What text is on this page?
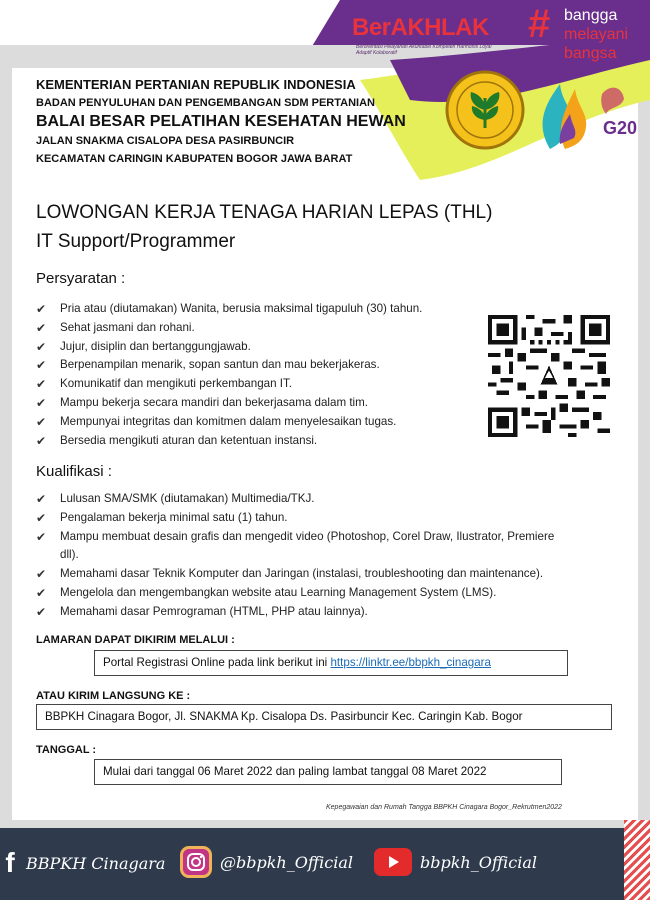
BerAKHLAK
Berorientasi Pelayanan Akuntabel Kompeten Harmonis Loyal Adaptif Kolaboratif
# bangga
melayani
bangsa
G20
KEMENTERIAN PERTANIAN REPUBLIK INDONESIA
BADAN PENYULUHAN DAN PENGEMBANGAN SDM PERTANIAN
BALAI BESAR PELATIHAN KESEHATAN HEWAN
JALAN SNAKMA CISALOPA DESA PASIRBUNCIR
KECAMATAN CARINGIN KABUPATEN BOGOR JAWA BARAT
LOWONGAN KERJA TENAGA HARIAN LEPAS (THL)
IT Support/Programmer
Persyaratan :
✔ Pria atau (diutamakan) Wanita, berusia maksimal tigapuluh (30) tahun.
✔ Sehat jasmani dan rohani.
✔ Jujur, disiplin dan bertanggungjawab.
✔ Berpenampilan menarik, sopan santun dan mau bekerjakeras.
✔ Komunikatif dan mengikuti perkembangan IT.
✔ Mampu bekerja secara mandiri dan bekerjasama dalam tim.
✔ Mempunyai integritas dan komitmen dalam menyelesaikan tugas.
✔ Bersedia mengikuti aturan dan ketentuan instansi.
Kualifikasi :
✔ Lulusan SMA/SMK (diutamakan) Multimedia/TKJ.
✔ Pengalaman bekerja minimal satu (1) tahun.
✔ Mampu membuat desain grafis dan mengedit video (Photoshop, Corel Draw, Ilustrator, Premiere
dll).
✔ Memahami dasar Teknik Komputer dan Jaringan (instalasi, troubleshooting dan maintenance).
✔ Mengelola dan mengembangkan website atau Learning Management System (LMS).
✔ Memahami dasar Pemrograman (HTML, PHP atau lainnya).
LAMARAN DAPAT DIKIRIM MELALUI :
Portal Registrasi Online pada link berikut ini https://linktr.ee/bbpkh_cinagara
ATAU KIRIM LANGSUNG KE :
BBPKH Cinagara Bogor, Jl. SNAKMA Kp. Cisalopa Ds. Pasirbuncir Kec. Caringin Kab. Bogor
TANGGAL :
Mulai dari tanggal 06 Maret 2022 dan paling lambat tanggal 08 Maret 2022
Kepegawaian dan Rumah Tangga BBPKH Cinagara Bogor_Rekrutmen2022
f BBPKH Cinagara	@bbpkh_Official	bbpkh_Official
